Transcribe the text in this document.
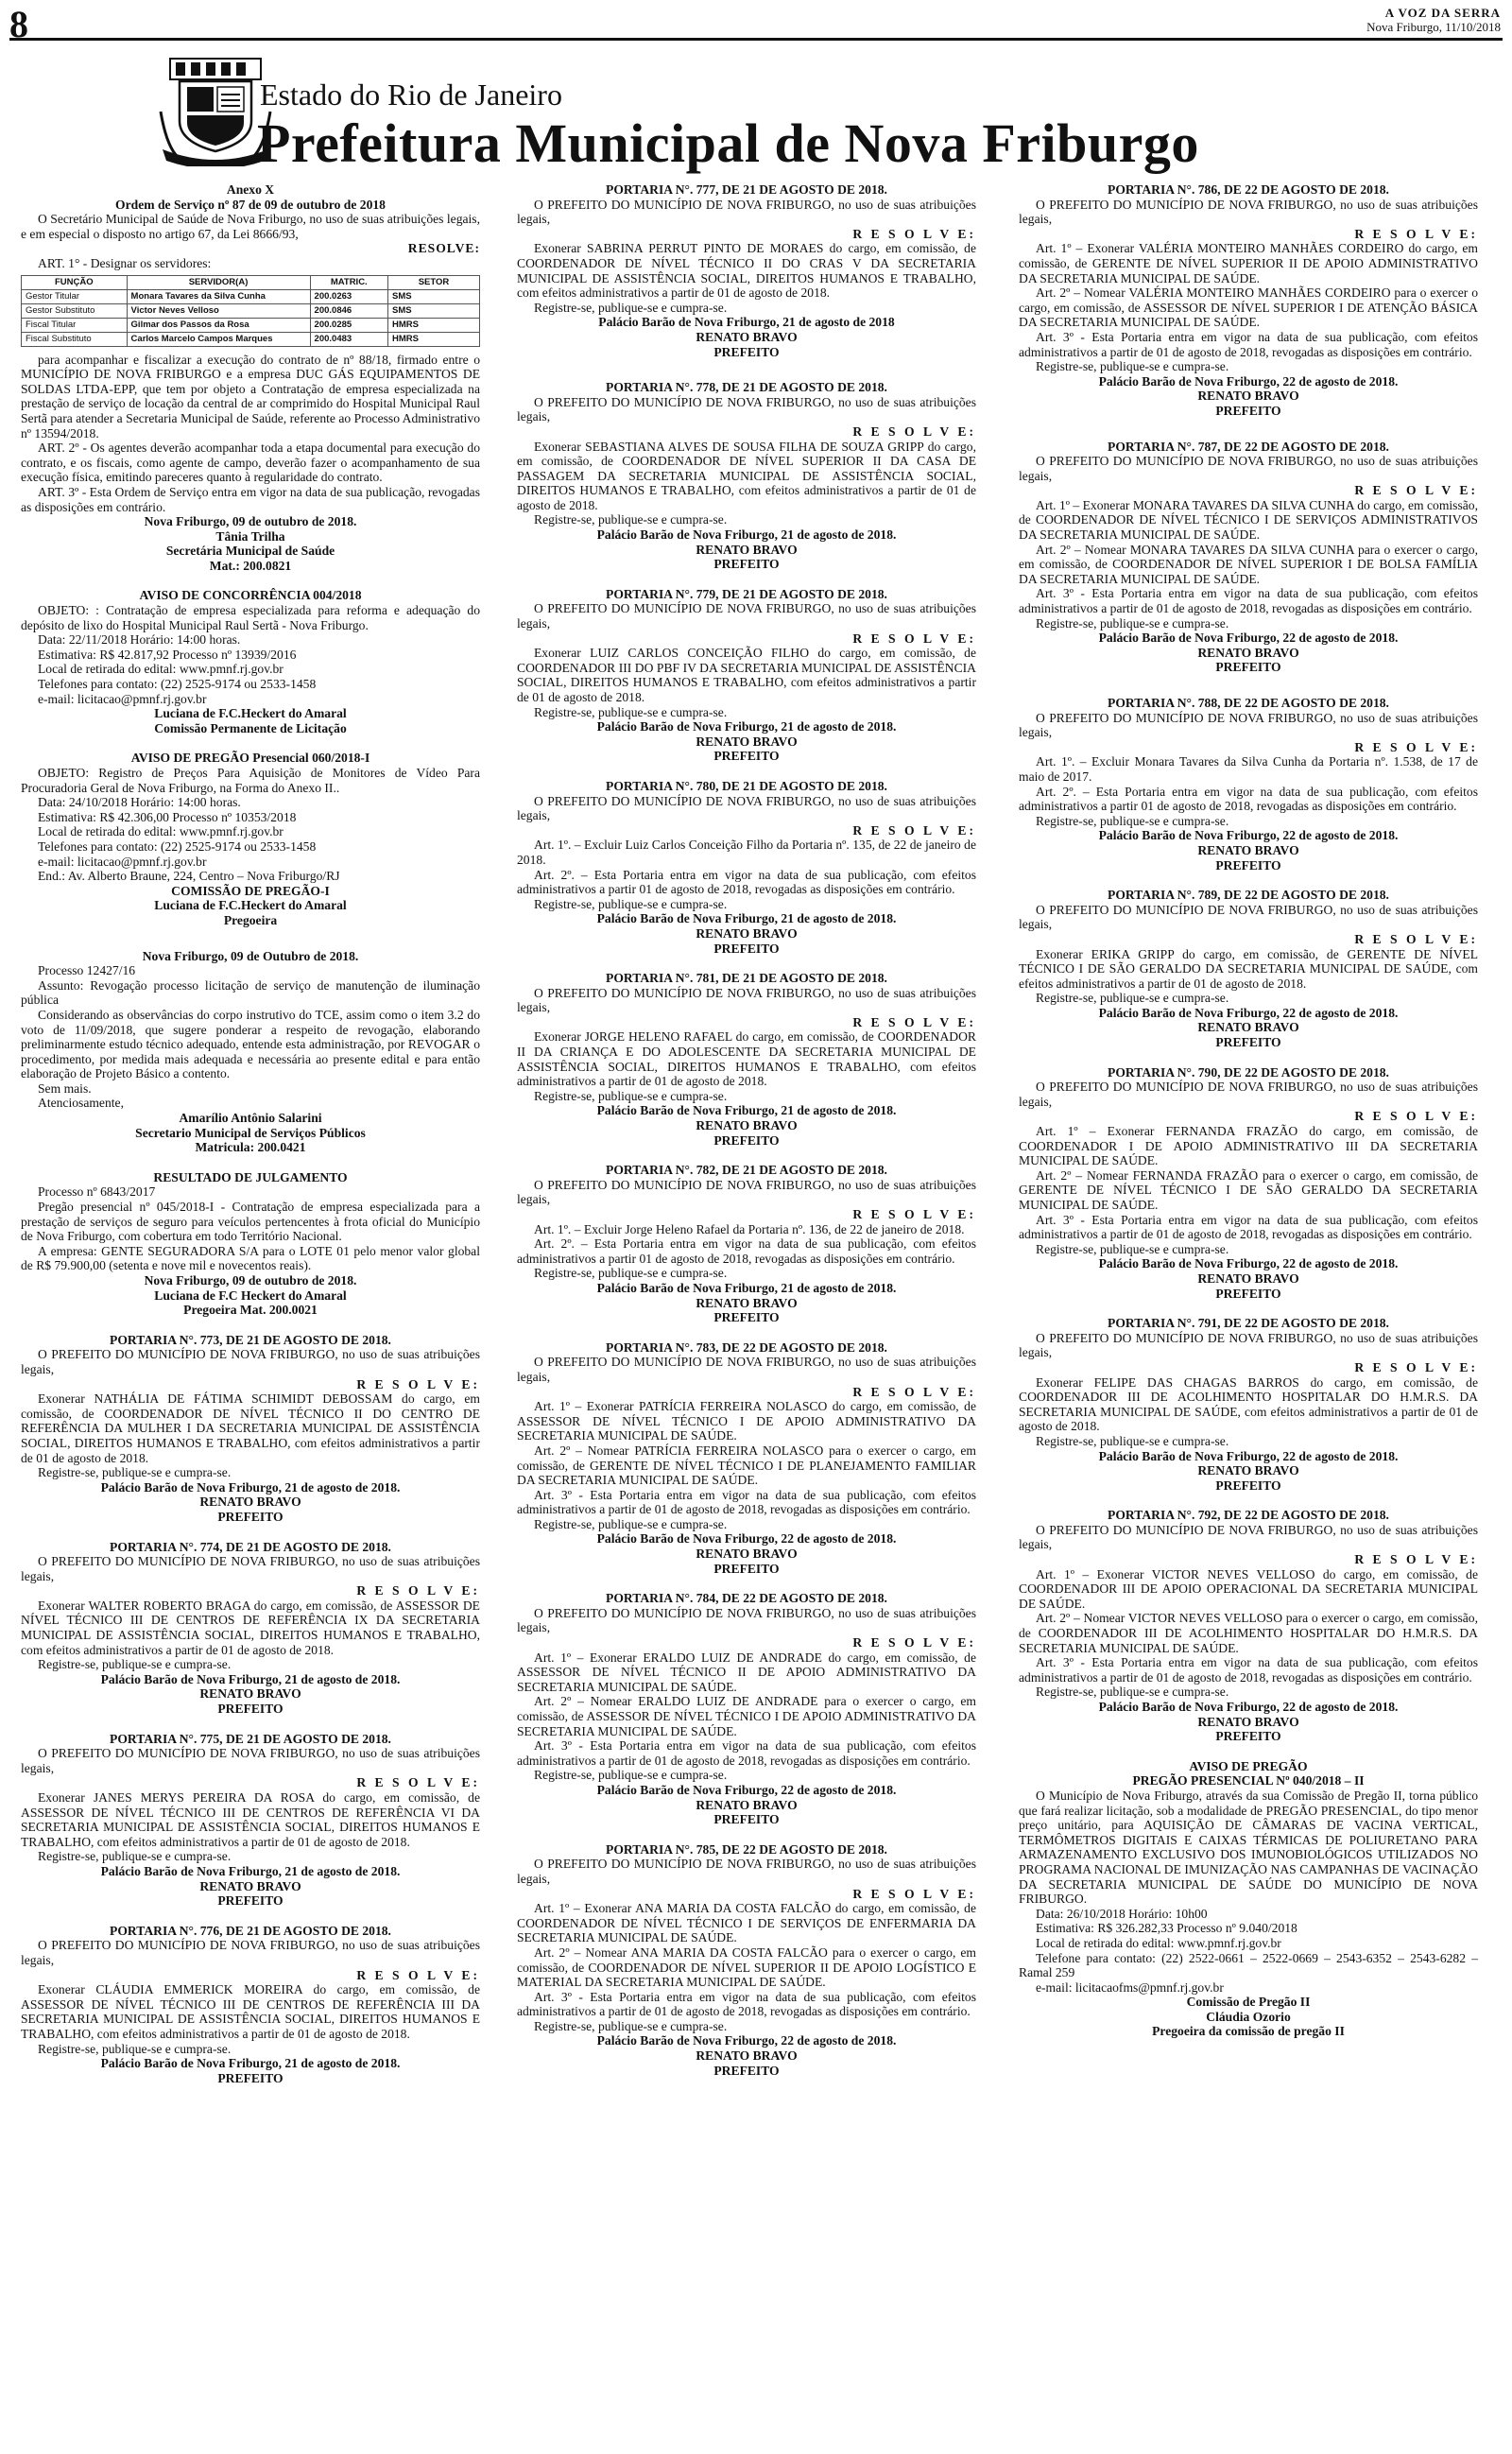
8	A VOZ DA SERRA
Nova Friburgo, 11/10/2018
Estado do Rio de Janeiro
Prefeitura Municipal de Nova Friburgo

Anexo X

Ordem de Serviço nº 87 de 09 de outubro de 2018

O Secretário Municipal de Saúde de Nova Friburgo, no uso de suas atribuições legais, e em especial o disposto no artigo 67, da Lei 8666/93,

RESOLVE:

ART. 1° - Designar os servidores:

FUNÇÃO	SERVIDOR(A)	MATRIC.	SETOR
Gestor Titular	Monara Tavares da Silva Cunha	200.0263	SMS
Gestor Substituto	Victor Neves Velloso	200.0846	SMS
Fiscal Titular	Gilmar dos Passos da Rosa	200.0285	HMRS
Fiscal Substituto	Carlos Marcelo Campos Marques	200.0483	HMRS

para acompanhar e fiscalizar a execução do contrato de nº 88/18, firmado entre o MUNICÍPIO DE NOVA FRIBURGO e a empresa DUC GÁS EQUIPAMENTOS DE SOLDAS LTDA-EPP, que tem por objeto a Contratação de empresa especializada na prestação de serviço de locação da central de ar comprimido do Hospital Municipal Raul Sertã para atender a Secretaria Municipal de Saúde, referente ao Processo Administrativo nº 13594/2018.

ART. 2º - Os agentes deverão acompanhar toda a etapa documental para execução do contrato, e os fiscais, como agente de campo, deverão fazer o acompanhamento de sua execução física, emitindo pareceres quanto à regularidade do contrato.

ART. 3º - Esta Ordem de Serviço entra em vigor na data de sua publicação, revogadas as disposições em contrário.

Nova Friburgo, 09 de outubro de 2018.

Tânia Trilha

Secretária Municipal de Saúde

Mat.: 200.0821

AVISO DE CONCORRÊNCIA 004/2018

OBJETO: : Contratação de empresa especializada para reforma e adequação do depósito de lixo do Hospital Municipal Raul Sertã - Nova Friburgo.

Data: 22/11/2018 Horário: 14:00 horas.

Estimativa: R$ 42.817,92 Processo nº 13939/2016

Local de retirada do edital: www.pmnf.rj.gov.br

Telefones para contato: (22) 2525-9174 ou 2533-1458

e-mail: licitacao@pmnf.rj.gov.br

Luciana de F.C.Heckert do Amaral

Comissão Permanente de Licitação

AVISO DE PREGÃO Presencial 060/2018-I

OBJETO: Registro de Preços Para Aquisição de Monitores de Vídeo Para Procuradoria Geral de Nova Friburgo, na Forma do Anexo II..

Data: 24/10/2018 Horário: 14:00 horas.

Estimativa: R$ 42.306,00 Processo nº 10353/2018

Local de retirada do edital: www.pmnf.rj.gov.br

Telefones para contato: (22) 2525-9174 ou 2533-1458

e-mail: licitacao@pmnf.rj.gov.br

End.: Av. Alberto Braune, 224, Centro – Nova Friburgo/RJ

COMISSÃO DE PREGÃO-I

Luciana de F.C.Heckert do Amaral

Pregoeira

Nova Friburgo, 09 de Outubro de 2018.

Processo 12427/16

Assunto: Revogação processo licitação de serviço de manutenção de iluminação pública

Considerando as observâncias do corpo instrutivo do TCE, assim como o item 3.2 do voto de 11/09/2018, que sugere ponderar a respeito de revogação, elaborando preliminarmente estudo técnico adequado, entende esta administração, por REVOGAR o procedimento, por medida mais adequada e necessária ao presente edital e para então elaboração de Projeto Básico a contento.

Sem mais.

Atenciosamente,

Amarílio Antônio Salarini

Secretario Municipal de Serviços Públicos

Matricula: 200.0421

RESULTADO DE JULGAMENTO

Processo nº 6843/2017

Pregão presencial nº 045/2018-I - Contratação de empresa especializada para a prestação de serviços de seguro para veículos pertencentes à frota oficial do Município de Nova Friburgo, com cobertura em todo Território Nacional.

A empresa: GENTE SEGURADORA S/A para o LOTE 01 pelo menor valor global de R$ 79.900,00 (setenta e nove mil e novecentos reais).

Nova Friburgo, 09 de outubro de 2018.

Luciana de F.C Heckert do Amaral

Pregoeira Mat. 200.0021

PORTARIA N°. 773, DE 21 DE AGOSTO DE 2018.

O PREFEITO DO MUNICÍPIO DE NOVA FRIBURGO, no uso de suas atribuições legais,

R E S O L V E:

Exonerar NATHÁLIA DE FÁTIMA SCHIMIDT DEBOSSAM do cargo, em comissão, de COORDENADOR DE NÍVEL TÉCNICO II DO CENTRO DE REFERÊNCIA DA MULHER I DA SECRETARIA MUNICIPAL DE ASSISTÊNCIA SOCIAL, DIREITOS HUMANOS E TRABALHO, com efeitos administrativos a partir de 01 de agosto de 2018.

Registre-se, publique-se e cumpra-se.

Palácio Barão de Nova Friburgo, 21 de agosto de 2018.

RENATO BRAVO

PREFEITO

PORTARIA N°. 774, DE 21 DE AGOSTO DE 2018.

O PREFEITO DO MUNICÍPIO DE NOVA FRIBURGO, no uso de suas atribuições legais,

R E S O L V E:

Exonerar WALTER ROBERTO BRAGA do cargo, em comissão, de ASSESSOR DE NÍVEL TÉCNICO III DE CENTROS DE REFERÊNCIA IX DA SECRETARIA MUNICIPAL DE ASSISTÊNCIA SOCIAL, DIREITOS HUMANOS E TRABALHO, com efeitos administrativos a partir de 01 de agosto de 2018.

Registre-se, publique-se e cumpra-se.

Palácio Barão de Nova Friburgo, 21 de agosto de 2018.

RENATO BRAVO

PREFEITO

PORTARIA N°. 775, DE 21 DE AGOSTO DE 2018.

O PREFEITO DO MUNICÍPIO DE NOVA FRIBURGO, no uso de suas atribuições legais,

R E S O L V E:

Exonerar JANES MERYS PEREIRA DA ROSA do cargo, em comissão, de ASSESSOR DE NÍVEL TÉCNICO III DE CENTROS DE REFERÊNCIA VI DA SECRETARIA MUNICIPAL DE ASSISTÊNCIA SOCIAL, DIREITOS HUMANOS E TRABALHO, com efeitos administrativos a partir de 01 de agosto de 2018.

Registre-se, publique-se e cumpra-se.

Palácio Barão de Nova Friburgo, 21 de agosto de 2018.

RENATO BRAVO

PREFEITO

PORTARIA N°. 776, DE 21 DE AGOSTO DE 2018.

O PREFEITO DO MUNICÍPIO DE NOVA FRIBURGO, no uso de suas atribuições legais,

R E S O L V E:

Exonerar CLÁUDIA EMMERICK MOREIRA do cargo, em comissão, de ASSESSOR DE NÍVEL TÉCNICO III DE CENTROS DE REFERÊNCIA III DA SECRETARIA MUNICIPAL DE ASSISTÊNCIA SOCIAL, DIREITOS HUMANOS E TRABALHO, com efeitos administrativos a partir de 01 de agosto de 2018.

Registre-se, publique-se e cumpra-se.

Palácio Barão de Nova Friburgo, 21 de agosto de 2018.

PREFEITO

PORTARIA N°. 777, DE 21 DE AGOSTO DE 2018.

O PREFEITO DO MUNICÍPIO DE NOVA FRIBURGO, no uso de suas atribuições legais,

R E S O L V E:

Exonerar SABRINA PERRUT PINTO DE MORAES do cargo, em comissão, de COORDENADOR DE NÍVEL TÉCNICO II DO CRAS V DA SECRETARIA MUNICIPAL DE ASSISTÊNCIA SOCIAL, DIREITOS HUMANOS E TRABALHO, com efeitos administrativos a partir de 01 de agosto de 2018.

Registre-se, publique-se e cumpra-se.

Palácio Barão de Nova Friburgo, 21 de agosto de 2018

RENATO BRAVO

PREFEITO

PORTARIA N°. 778, DE 21 DE AGOSTO DE 2018.

O PREFEITO DO MUNICÍPIO DE NOVA FRIBURGO, no uso de suas atribuições legais,

R E S O L V E:

Exonerar SEBASTIANA ALVES DE SOUSA FILHA DE SOUZA GRIPP do cargo, em comissão, de COORDENADOR DE NÍVEL SUPERIOR II DA CASA DE PASSAGEM DA SECRETARIA MUNICIPAL DE ASSISTÊNCIA SOCIAL, DIREITOS HUMANOS E TRABALHO, com efeitos administrativos a partir de 01 de agosto de 2018.

Registre-se, publique-se e cumpra-se.

Palácio Barão de Nova Friburgo, 21 de agosto de 2018.

RENATO BRAVO

PREFEITO

PORTARIA N°. 779, DE 21 DE AGOSTO DE 2018.

O PREFEITO DO MUNICÍPIO DE NOVA FRIBURGO, no uso de suas atribuições legais,

R E S O L V E:

Exonerar LUIZ CARLOS CONCEIÇÃO FILHO do cargo, em comissão, de COORDENADOR III DO PBF IV DA SECRETARIA MUNICIPAL DE ASSISTÊNCIA SOCIAL, DIREITOS HUMANOS E TRABALHO, com efeitos administrativos a partir de 01 de agosto de 2018.

Registre-se, publique-se e cumpra-se.

Palácio Barão de Nova Friburgo, 21 de agosto de 2018.

RENATO BRAVO

PREFEITO

PORTARIA N°. 780, DE 21 DE AGOSTO DE 2018.

O PREFEITO DO MUNICÍPIO DE NOVA FRIBURGO, no uso de suas atribuições legais,

R E S O L V E:

Art. 1º. – Excluir Luiz Carlos Conceição Filho da Portaria nº. 135, de 22 de janeiro de 2018.

Art. 2º. – Esta Portaria entra em vigor na data de sua publicação, com efeitos administrativos a partir 01 de agosto de 2018, revogadas as disposições em contrário.

Registre-se, publique-se e cumpra-se.

Palácio Barão de Nova Friburgo, 21 de agosto de 2018.

RENATO BRAVO

PREFEITO

PORTARIA N°. 781, DE 21 DE AGOSTO DE 2018.

O PREFEITO DO MUNICÍPIO DE NOVA FRIBURGO, no uso de suas atribuições legais,

R E S O L V E:

Exonerar JORGE HELENO RAFAEL do cargo, em comissão, de COORDENADOR II DA CRIANÇA E DO ADOLESCENTE DA SECRETARIA MUNICIPAL DE ASSISTÊNCIA SOCIAL, DIREITOS HUMANOS E TRABALHO, com efeitos administrativos a partir de 01 de agosto de 2018.

Registre-se, publique-se e cumpra-se.

Palácio Barão de Nova Friburgo, 21 de agosto de 2018.

RENATO BRAVO

PREFEITO

PORTARIA N°. 782, DE 21 DE AGOSTO DE 2018.

O PREFEITO DO MUNICÍPIO DE NOVA FRIBURGO, no uso de suas atribuições legais,

R E S O L V E:

Art. 1º. – Excluir Jorge Heleno Rafael da Portaria nº. 136, de 22 de janeiro de 2018.

Art. 2º. – Esta Portaria entra em vigor na data de sua publicação, com efeitos administrativos a partir 01 de agosto de 2018, revogadas as disposições em contrário.

Registre-se, publique-se e cumpra-se.

Palácio Barão de Nova Friburgo, 21 de agosto de 2018.

RENATO BRAVO

PREFEITO

PORTARIA N°. 783, DE 22 DE AGOSTO DE 2018.

O PREFEITO DO MUNICÍPIO DE NOVA FRIBURGO, no uso de suas atribuições legais,

R E S O L V E:

Art. 1º – Exonerar PATRÍCIA FERREIRA NOLASCO do cargo, em comissão, de ASSESSOR DE NÍVEL TÉCNICO I DE APOIO ADMINISTRATIVO DA SECRETARIA MUNICIPAL DE SAÚDE.

Art. 2º – Nomear PATRÍCIA FERREIRA NOLASCO para o exercer o cargo, em comissão, de GERENTE DE NÍVEL TÉCNICO I DE PLANEJAMENTO FAMILIAR DA SECRETARIA MUNICIPAL DE SAÚDE.

Art. 3º - Esta Portaria entra em vigor na data de sua publicação, com efeitos administrativos a partir de 01 de agosto de 2018, revogadas as disposições em contrário.

Registre-se, publique-se e cumpra-se.

Palácio Barão de Nova Friburgo, 22 de agosto de 2018.

RENATO BRAVO

PREFEITO

PORTARIA N°. 784, DE 22 DE AGOSTO DE 2018.

O PREFEITO DO MUNICÍPIO DE NOVA FRIBURGO, no uso de suas atribuições legais,

R E S O L V E:

Art. 1º – Exonerar ERALDO LUIZ DE ANDRADE do cargo, em comissão, de ASSESSOR DE NÍVEL TÉCNICO II DE APOIO ADMINISTRATIVO DA SECRETARIA MUNICIPAL DE SAÚDE.

Art. 2º – Nomear ERALDO LUIZ DE ANDRADE para o exercer o cargo, em comissão, de ASSESSOR DE NÍVEL TÉCNICO I DE APOIO ADMINISTRATIVO DA SECRETARIA MUNICIPAL DE SAÚDE.

Art. 3º - Esta Portaria entra em vigor na data de sua publicação, com efeitos administrativos a partir de 01 de agosto de 2018, revogadas as disposições em contrário.

Registre-se, publique-se e cumpra-se.

Palácio Barão de Nova Friburgo, 22 de agosto de 2018.

RENATO BRAVO

PREFEITO

PORTARIA N°. 785, DE 22 DE AGOSTO DE 2018.

O PREFEITO DO MUNICÍPIO DE NOVA FRIBURGO, no uso de suas atribuições legais,

R E S O L V E:

Art. 1º – Exonerar ANA MARIA DA COSTA FALCÃO do cargo, em comissão, de COORDENADOR DE NÍVEL TÉCNICO I DE SERVIÇOS DE ENFERMARIA DA SECRETARIA MUNICIPAL DE SAÚDE.

Art. 2º – Nomear ANA MARIA DA COSTA FALCÃO para o exercer o cargo, em comissão, de COORDENADOR DE NÍVEL SUPERIOR II DE APOIO LOGÍSTICO E MATERIAL DA SECRETARIA MUNICIPAL DE SAÚDE.

Art. 3º - Esta Portaria entra em vigor na data de sua publicação, com efeitos administrativos a partir de 01 de agosto de 2018, revogadas as disposições em contrário.

Registre-se, publique-se e cumpra-se.

Palácio Barão de Nova Friburgo, 22 de agosto de 2018.

RENATO BRAVO

PREFEITO

PORTARIA N°. 786, DE 22 DE AGOSTO DE 2018.

O PREFEITO DO MUNICÍPIO DE NOVA FRIBURGO, no uso de suas atribuições legais,

R E S O L V E:

Art. 1º – Exonerar VALÉRIA MONTEIRO MANHÃES CORDEIRO do cargo, em comissão, de GERENTE DE NÍVEL SUPERIOR II DE APOIO ADMINISTRATIVO DA SECRETARIA MUNICIPAL DE SAÚDE.

Art. 2º – Nomear VALÉRIA MONTEIRO MANHÃES CORDEIRO para o exercer o cargo, em comissão, de ASSESSOR DE NÍVEL SUPERIOR I DE ATENÇÃO BÁSICA DA SECRETARIA MUNICIPAL DE SAÚDE.

Art. 3º - Esta Portaria entra em vigor na data de sua publicação, com efeitos administrativos a partir de 01 de agosto de 2018, revogadas as disposições em contrário.

Registre-se, publique-se e cumpra-se.

Palácio Barão de Nova Friburgo, 22 de agosto de 2018.

RENATO BRAVO

PREFEITO

PORTARIA N°. 787, DE 22 DE AGOSTO DE 2018.

O PREFEITO DO MUNICÍPIO DE NOVA FRIBURGO, no uso de suas atribuições legais,

R E S O L V E:

Art. 1º – Exonerar MONARA TAVARES DA SILVA CUNHA do cargo, em comissão, de COORDENADOR DE NÍVEL TÉCNICO I DE SERVIÇOS ADMINISTRATIVOS DA SECRETARIA MUNICIPAL DE SAÚDE.

Art. 2º – Nomear MONARA TAVARES DA SILVA CUNHA para o exercer o cargo, em comissão, de COORDENADOR DE NÍVEL SUPERIOR I DE BOLSA FAMÍLIA DA SECRETARIA MUNICIPAL DE SAÚDE.

Art. 3º - Esta Portaria entra em vigor na data de sua publicação, com efeitos administrativos a partir de 01 de agosto de 2018, revogadas as disposições em contrário.

Registre-se, publique-se e cumpra-se.

Palácio Barão de Nova Friburgo, 22 de agosto de 2018.

RENATO BRAVO

PREFEITO

PORTARIA N°. 788, DE 22 DE AGOSTO DE 2018.

O PREFEITO DO MUNICÍPIO DE NOVA FRIBURGO, no uso de suas atribuições legais,

R E S O L V E:

Art. 1º. – Excluir Monara Tavares da Silva Cunha da Portaria nº. 1.538, de 17 de maio de 2017.

Art. 2º. – Esta Portaria entra em vigor na data de sua publicação, com efeitos administrativos a partir 01 de agosto de 2018, revogadas as disposições em contrário.

Registre-se, publique-se e cumpra-se.

Palácio Barão de Nova Friburgo, 22 de agosto de 2018.

RENATO BRAVO

PREFEITO

PORTARIA N°. 789, DE 22 DE AGOSTO DE 2018.

O PREFEITO DO MUNICÍPIO DE NOVA FRIBURGO, no uso de suas atribuições legais,

R E S O L V E:

Exonerar ERIKA GRIPP do cargo, em comissão, de GERENTE DE NÍVEL TÉCNICO I DE SÃO GERALDO DA SECRETARIA MUNICIPAL DE SAÚDE, com efeitos administrativos a partir de 01 de agosto de 2018.

Registre-se, publique-se e cumpra-se.

Palácio Barão de Nova Friburgo, 22 de agosto de 2018.

RENATO BRAVO

PREFEITO

PORTARIA N°. 790, DE 22 DE AGOSTO DE 2018.

O PREFEITO DO MUNICÍPIO DE NOVA FRIBURGO, no uso de suas atribuições legais,

R E S O L V E:

Art. 1º – Exonerar FERNANDA FRAZÃO do cargo, em comissão, de COORDENADOR I DE APOIO ADMINISTRATIVO III DA SECRETARIA MUNICIPAL DE SAÚDE.

Art. 2º – Nomear FERNANDA FRAZÃO para o exercer o cargo, em comissão, de GERENTE DE NÍVEL TÉCNICO I DE SÃO GERALDO DA SECRETARIA MUNICIPAL DE SAÚDE.

Art. 3º - Esta Portaria entra em vigor na data de sua publicação, com efeitos administrativos a partir de 01 de agosto de 2018, revogadas as disposições em contrário.

Registre-se, publique-se e cumpra-se.

Palácio Barão de Nova Friburgo, 22 de agosto de 2018.

RENATO BRAVO

PREFEITO

PORTARIA N°. 791, DE 22 DE AGOSTO DE 2018.

O PREFEITO DO MUNICÍPIO DE NOVA FRIBURGO, no uso de suas atribuições legais,

R E S O L V E:

Exonerar FELIPE DAS CHAGAS BARROS do cargo, em comissão, de COORDENADOR III DE ACOLHIMENTO HOSPITALAR DO H.M.R.S. DA SECRETARIA MUNICIPAL DE SAÚDE, com efeitos administrativos a partir de 01 de agosto de 2018.

Registre-se, publique-se e cumpra-se.

Palácio Barão de Nova Friburgo, 22 de agosto de 2018.

RENATO BRAVO

PREFEITO

PORTARIA N°. 792, DE 22 DE AGOSTO DE 2018.

O PREFEITO DO MUNICÍPIO DE NOVA FRIBURGO, no uso de suas atribuições legais,

R E S O L V E:

Art. 1º – Exonerar VICTOR NEVES VELLOSO do cargo, em comissão, de COORDENADOR III DE APOIO OPERACIONAL DA SECRETARIA MUNICIPAL DE SAÚDE.

Art. 2º – Nomear VICTOR NEVES VELLOSO para o exercer o cargo, em comissão, de COORDENADOR III DE ACOLHIMENTO HOSPITALAR DO H.M.R.S. DA SECRETARIA MUNICIPAL DE SAÚDE.

Art. 3º - Esta Portaria entra em vigor na data de sua publicação, com efeitos administrativos a partir de 01 de agosto de 2018, revogadas as disposições em contrário.

Registre-se, publique-se e cumpra-se.

Palácio Barão de Nova Friburgo, 22 de agosto de 2018.

RENATO BRAVO

PREFEITO

AVISO DE PREGÃO

PREGÃO PRESENCIAL Nº 040/2018 – II

O Município de Nova Friburgo, através da sua Comissão de Pregão II, torna público que fará realizar licitação, sob a modalidade de PREGÃO PRESENCIAL, do tipo menor preço unitário, para AQUISIÇÃO DE CÂMARAS DE VACINA VERTICAL, TERMÔMETROS DIGITAIS E CAIXAS TÉRMICAS DE POLIURETANO PARA ARMAZENAMENTO EXCLUSIVO DOS IMUNOBIOLÓGICOS UTILIZADOS NO PROGRAMA NACIONAL DE IMUNIZAÇÃO NAS CAMPANHAS DE VACINAÇÃO DA SECRETARIA MUNICIPAL DE SAÚDE DO MUNICÍPIO DE NOVA FRIBURGO.

Data: 26/10/2018 Horário: 10h00

Estimativa: R$ 326.282,33 Processo nº 9.040/2018

Local de retirada do edital: www.pmnf.rj.gov.br

Telefone para contato: (22) 2522-0661 – 2522-0669 – 2543-6352 – 2543-6282 – Ramal 259

e-mail: licitacaofms@pmnf.rj.gov.br

Comissão de Pregão II

Cláudia Ozorio

Pregoeira da comissão de pregão II
